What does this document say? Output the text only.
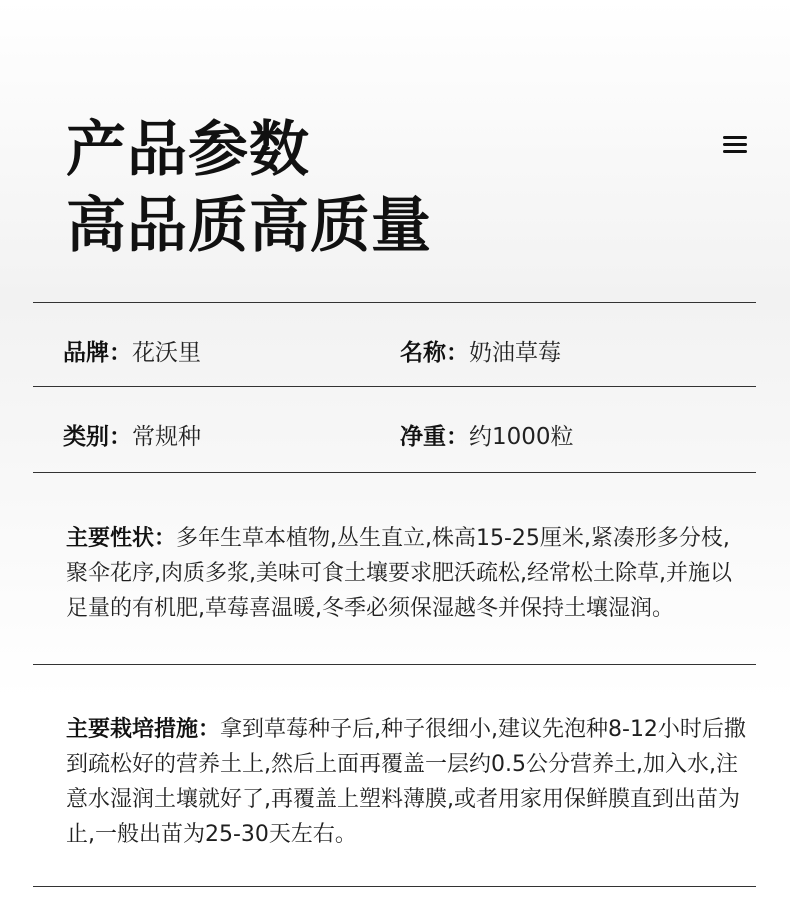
产品参数
高品质高质量
品牌： 花沃里	名称： 奶油草莓
类别： 常规种	净重： 约1000粒
主要性状：多年生草本植物,丛生直立,株高15-25厘米,紧凑形多分枝,聚伞花序,肉质多浆,美味可食土壤要求肥沃疏松,经常松土除草,并施以足量的有机肥,草莓喜温暖,冬季必须保湿越冬并保持土壤湿润。
主要栽培措施：拿到草莓种子后,种子很细小,建议先泡种8-12小时后撒到疏松好的营养土上,然后上面再覆盖一层约0.5公分营养土,加入水,注意水湿润土壤就好了,再覆盖上塑料薄膜,或者用家用保鲜膜直到出苗为止,一般出苗为25-30天左右。
